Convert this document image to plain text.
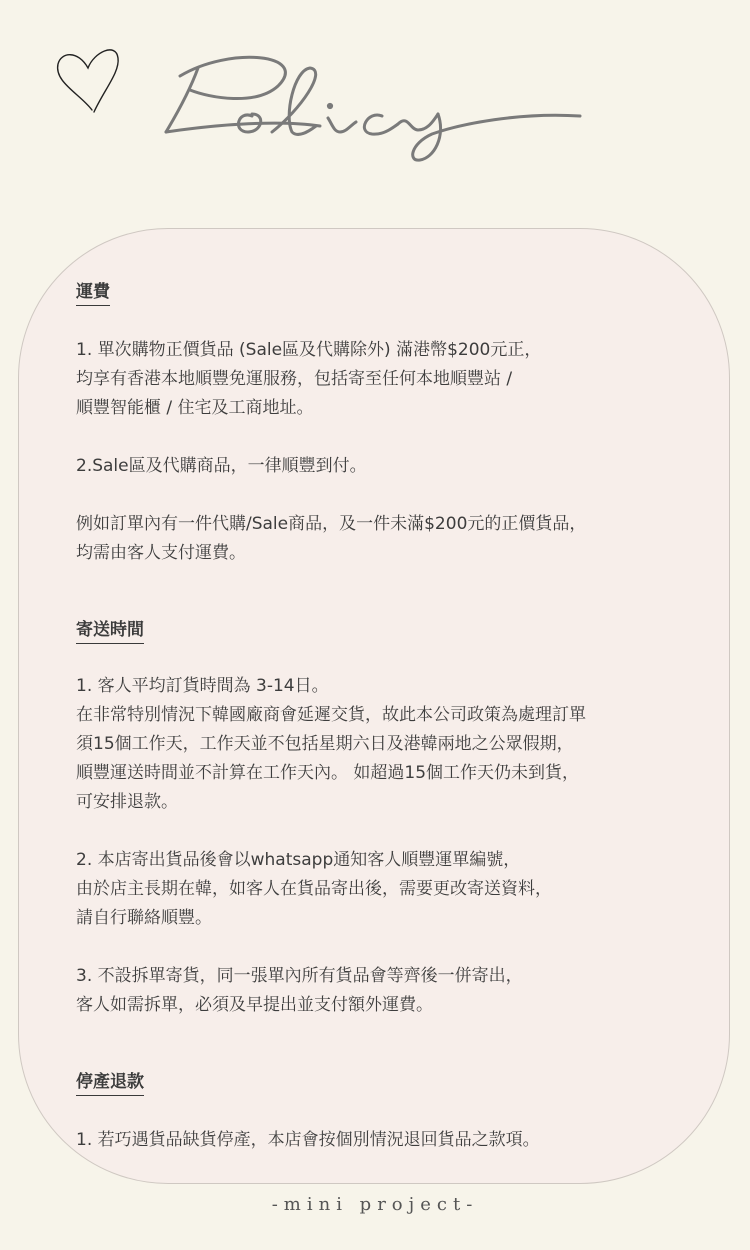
運費

1. 單次購物正價貨品 (Sale區及代購除外) 滿港幣$200元正，
均享有香港本地順豐免運服務，包括寄至任何本地順豐站 /
順豐智能櫃 / 住宅及工商地址。

2.Sale區及代購商品，一律順豐到付。

例如訂單內有一件代購/Sale商品，及一件未滿$200元的正價貨品，
均需由客人支付運費。

寄送時間

1. 客人平均訂貨時間為 3-14日。
在非常特別情況下韓國廠商會延遲交貨，故此本公司政策為處理訂單
須15個工作天，工作天並不包括星期六日及港韓兩地之公眾假期，
順豐運送時間並不計算在工作天內。 如超過15個工作天仍未到貨，
可安排退款。

2. 本店寄出貨品後會以whatsapp通知客人順豐運單編號，
由於店主長期在韓，如客人在貨品寄出後，需要更改寄送資料，
請自行聯絡順豐。

3. 不設拆單寄貨，同一張單內所有貨品會等齊後一併寄出，
客人如需拆單，必須及早提出並支付額外運費。

停產退款

1. 若巧遇貨品缺貨停產，本店會按個別情況退回貨品之款項。

-mini project-
